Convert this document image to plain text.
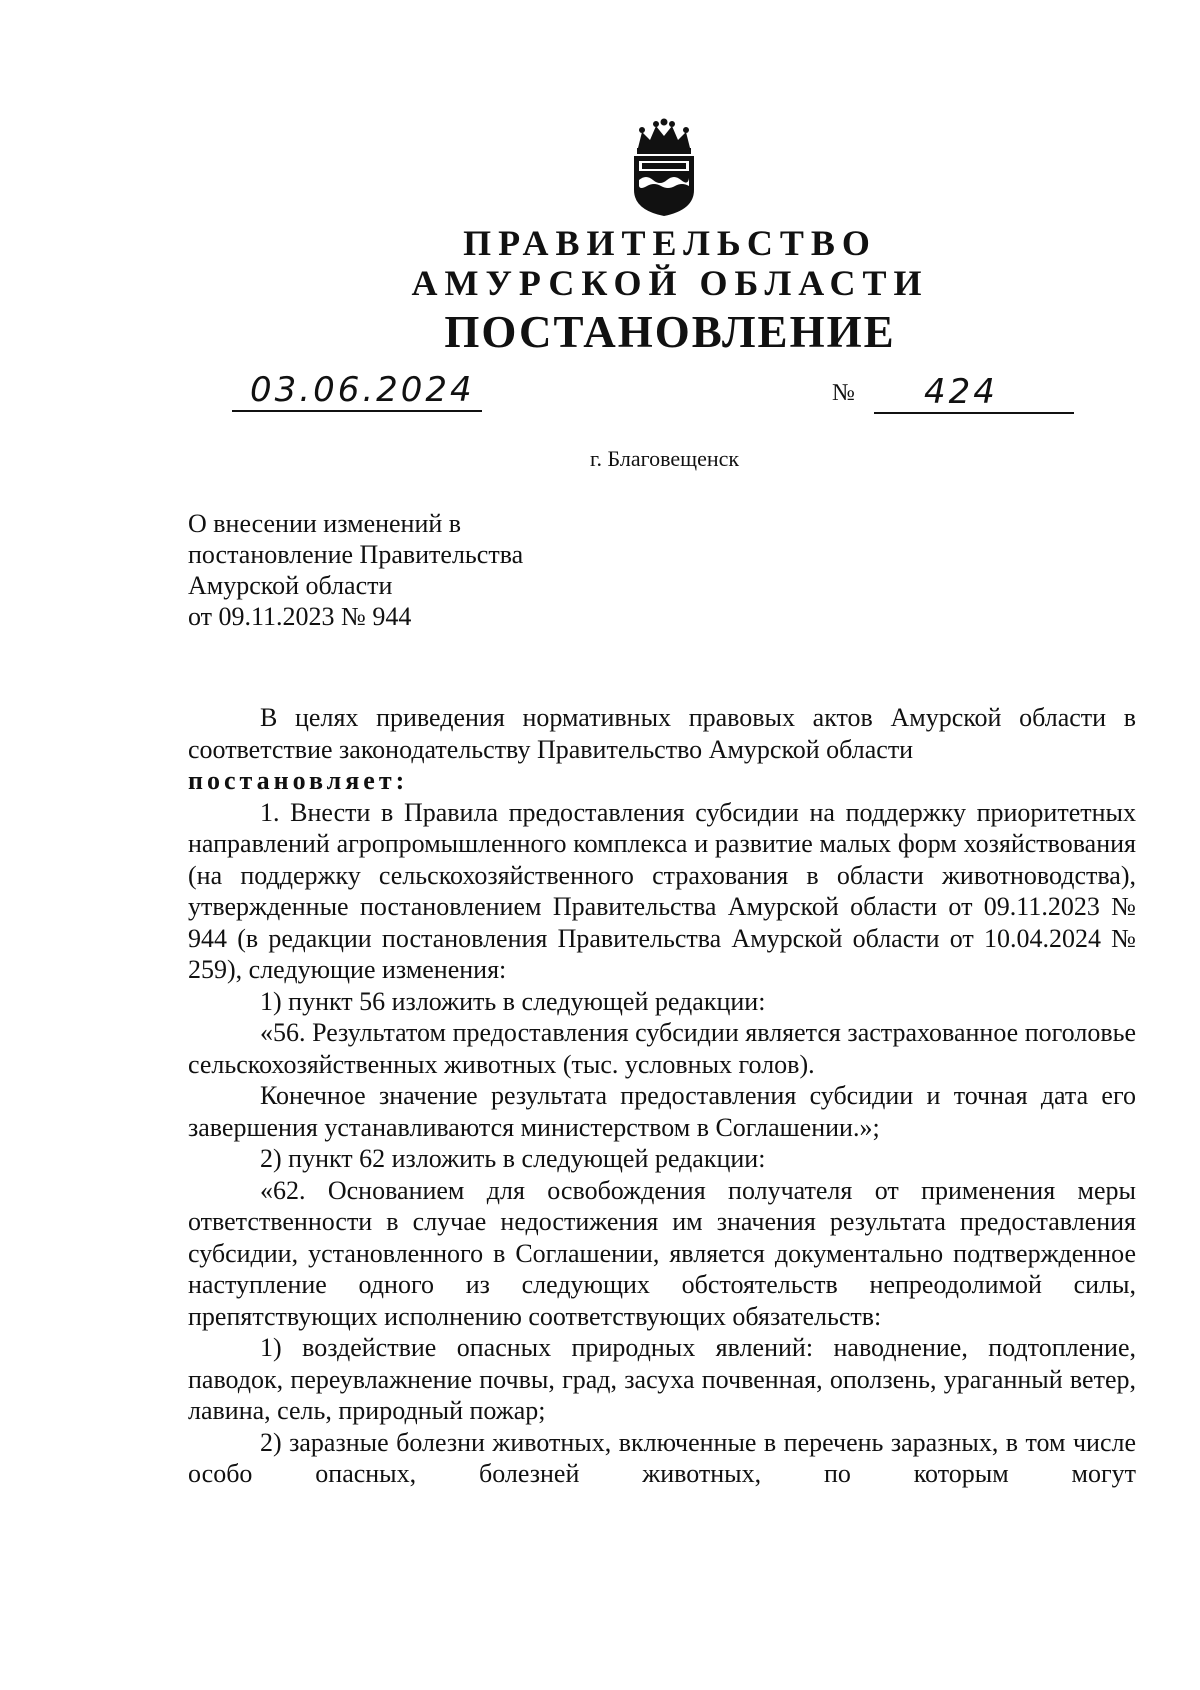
ПРАВИТЕЛЬСТВО
АМУРСКОЙ ОБЛАСТИ
ПОСТАНОВЛЕНИЕ
03.06.2024	№ 424
г. Благовещенск
О внесении изменений в
постановление Правительства
Амурской области
от 09.11.2023 № 944

В целях приведения нормативных правовых актов Амурской области в соответствие законодательству Правительство Амурской области

постановляет:

1. Внести в Правила предоставления субсидии на поддержку приоритетных направлений агропромышленного комплекса и развитие малых форм хозяйствования (на поддержку сельскохозяйственного страхования в области животноводства), утвержденные постановлением Правительства Амурской области от 09.11.2023 № 944 (в редакции постановления Правительства Амурской области от 10.04.2024 № 259), следующие изменения:

1) пункт 56 изложить в следующей редакции:

«56. Результатом предоставления субсидии является застрахованное поголовье сельскохозяйственных животных (тыс. условных голов).

Конечное значение результата предоставления субсидии и точная дата его завершения устанавливаются министерством в Соглашении.»;

2) пункт 62 изложить в следующей редакции:

«62. Основанием для освобождения получателя от применения меры ответственности в случае недостижения им значения результата предоставления субсидии, установленного в Соглашении, является документально подтвержденное наступление одного из следующих обстоятельств непреодолимой силы, препятствующих исполнению соответствующих обязательств:

1) воздействие опасных природных явлений: наводнение, подтопление, паводок, переувлажнение почвы, град, засуха почвенная, оползень, ураганный ветер, лавина, сель, природный пожар;

2) заразные болезни животных, включенные в перечень заразных, в том числе особо опасных, болезней животных, по которым могут
